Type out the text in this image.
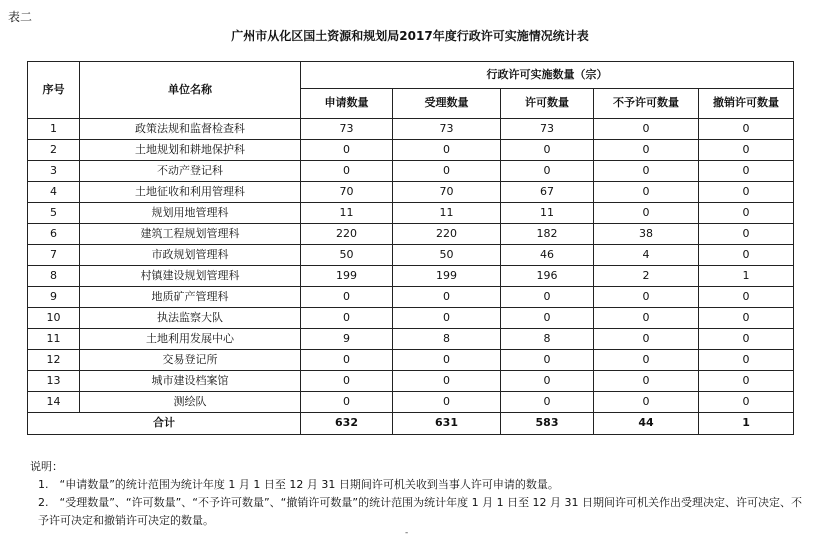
表二
广州市从化区国土资源和规划局2017年度行政许可实施情况统计表
序号	单位名称	行政许可实施数量（宗）				
		申请数量	受理数量	许可数量	不予许可数量	撤销许可数量
1	政策法规和监督检查科	73	73	73	0	0
2	土地规划和耕地保护科	0	0	0	0	0
3	不动产登记科	0	0	0	0	0
4	土地征收和利用管理科	70	70	67	0	0
5	规划用地管理科	11	11	11	0	0
6	建筑工程规划管理科	220	220	182	38	0
7	市政规划管理科	50	50	46	4	0
8	村镇建设规划管理科	199	199	196	2	1
9	地质矿产管理科	0	0	0	0	0
10	执法监察大队	0	0	0	0	0
11	土地利用发展中心	9	8	8	0	0
12	交易登记所	0	0	0	0	0
13	城市建设档案馆	0	0	0	0	0
14	测绘队	0	0	0	0	0
合计		632	631	583	44	1

说明：

1.　“申请数量”的统计范围为统计年度 1 月 1 日至 12 月 31 日期间许可机关收到当事人许可申请的数量。

2.　“受理数量”、“许可数量”、“不予许可数量”、“撤销许可数量”的统计范围为统计年度 1 月 1 日至 12 月 31 日期间许可机关作出受理决定、许可决定、不予许可决定和撤销许可决定的数量。

-
